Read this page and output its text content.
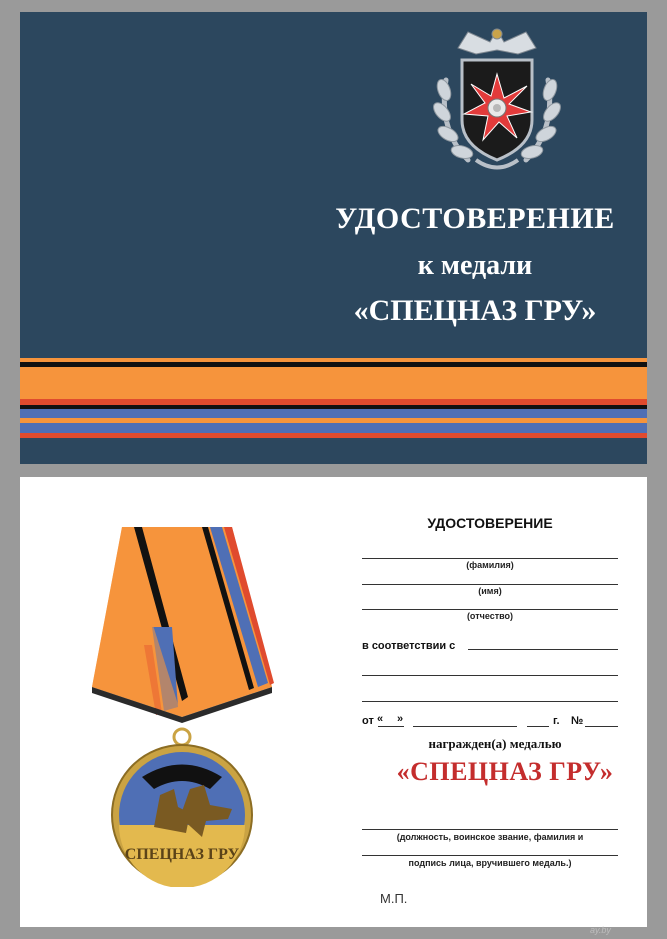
УДОСТОВЕРЕНИЕ
к медали
«СПЕЦНАЗ ГРУ»
СПЕЦНАЗ ГРУ
УДОСТОВЕРЕНИЕ
(фамилия)
(имя)
(отчество)
в соответствии с
от « »	г. №
награжден(а) медалью
«СПЕЦНАЗ ГРУ»
(должность, воинское звание, фамилия и
подпись лица, вручившего медаль.)
М.П.
ay.by
